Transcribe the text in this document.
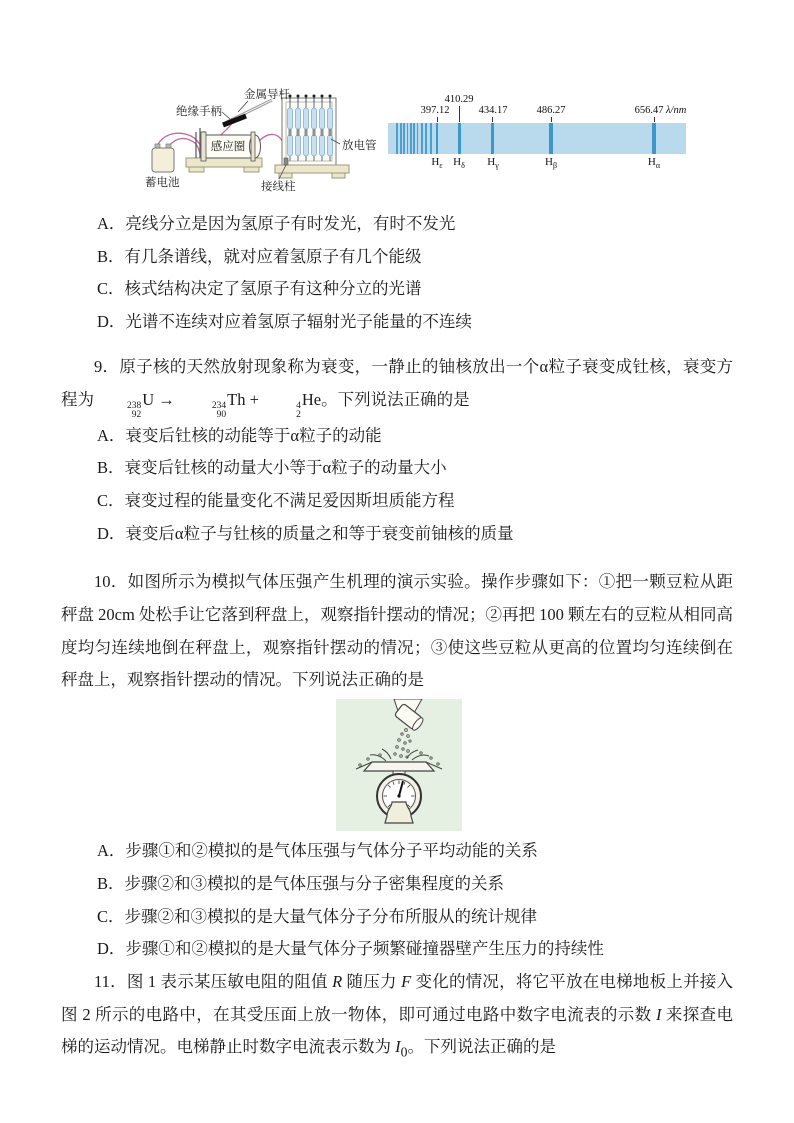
金属导杆
绝缘手柄
感应圈
蓄电池	接线柱
放电管
397.12
410.29
434.17	486.27	656.47 λ/nm
$H_\varepsilon$ $H_\delta$ $H_\gamma$	$H_\beta$	$H_\alpha$

A．亮线分立是因为氢原子有时发光，有时不发光

B．有几条谱线，就对应着氢原子有几个能级

C．核式结构决定了氢原子有这种分立的光谱

D．光谱不连续对应着氢原子辐射光子能量的不连续

9．原子核的天然放射现象称为衰变，一静止的铀核放出一个α粒子衰变成钍核，衰变方程为	238
92
U →	234
90
Th +	4
2
He。下列说法正确的是

A．衰变后钍核的动能等于α粒子的动能

B．衰变后钍核的动量大小等于α粒子的动量大小

C．衰变过程的能量变化不满足爱因斯坦质能方程

D．衰变后α粒子与钍核的质量之和等于衰变前铀核的质量

10．如图所示为模拟气体压强产生机理的演示实验。操作步骤如下：①把一颗豆粒从距秤盘 20cm 处松手让它落到秤盘上，观察指针摆动的情况；②再把 100 颗左右的豆粒从相同高度均匀连续地倒在秤盘上，观察指针摆动的情况；③使这些豆粒从更高的位置均匀连续倒在秤盘上，观察指针摆动的情况。下列说法正确的是

A．步骤①和②模拟的是气体压强与气体分子平均动能的关系

B．步骤②和③模拟的是气体压强与分子密集程度的关系

C．步骤②和③模拟的是大量气体分子分布所服从的统计规律

D．步骤①和②模拟的是大量气体分子频繁碰撞器壁产生压力的持续性

11．图 1 表示某压敏电阻的阻值 R 随压力 F 变化的情况，将它平放在电梯地板上并接入图 2 所示的电路中，在其受压面上放一物体，即可通过电路中数字电流表的示数 I 来探查电梯的运动情况。电梯静止时数字电流表示数为 $I_0$。下列说法正确的是
